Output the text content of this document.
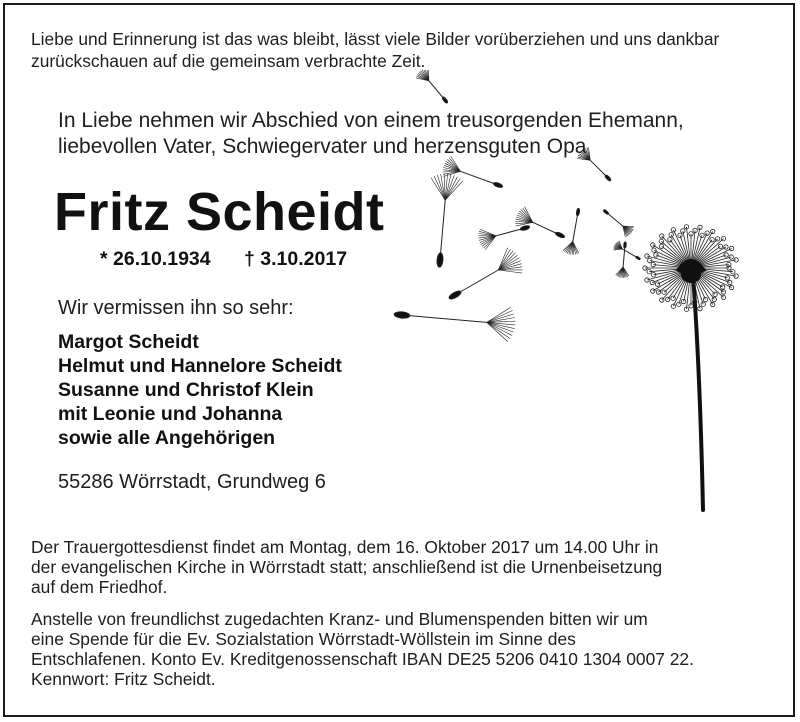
Liebe und Erinnerung ist das was bleibt, lässt viele Bilder vorüberziehen und uns dankbar
zurückschauen auf die gemeinsam verbrachte Zeit.

In Liebe nehmen wir Abschied von einem treusorgenden Ehemann,
liebevollen Vater, Schwiegervater und herzensguten Opa

Fritz Scheidt
* 26.10.1934 † 3.10.2017
Wir vermissen ihn so sehr:
Margot Scheidt
Helmut und Hannelore Scheidt
Susanne und Christof Klein
mit Leonie und Johanna
sowie alle Angehörigen
55286 Wörrstadt, Grundweg 6

Der Trauergottesdienst findet am Montag, dem 16. Oktober 2017 um 14.00 Uhr in
der evangelischen Kirche in Wörrstadt statt; anschließend ist die Urnenbeisetzung
auf dem Friedhof.

Anstelle von freundlichst zugedachten Kranz- und Blumenspenden bitten wir um
eine Spende für die Ev. Sozialstation Wörrstadt-Wöllstein im Sinne des
Entschlafenen. Konto Ev. Kreditgenossenschaft IBAN DE25 5206 0410 1304 0007 22.
Kennwort: Fritz Scheidt.
